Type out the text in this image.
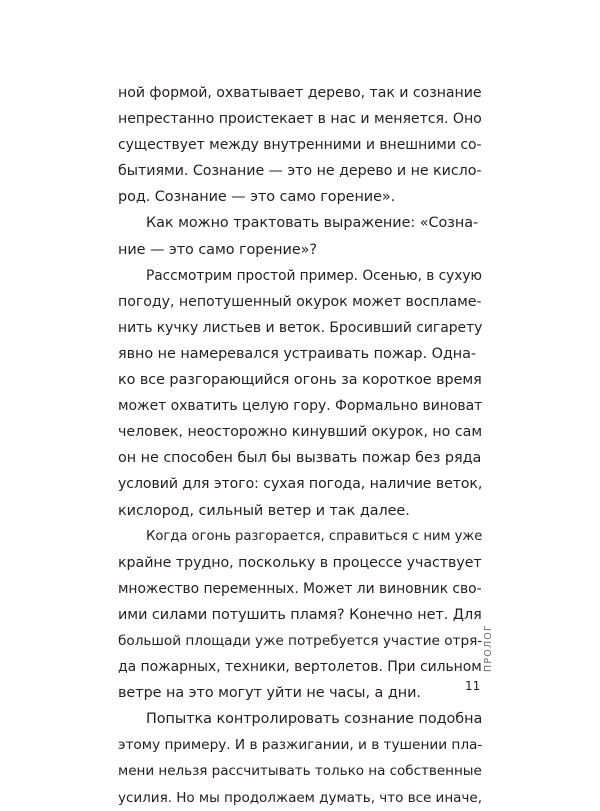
ной формой, охватывает дерево, так и сознание
непрестанно проистекает в нас и меняется. Оно
существует между внутренними и внешними со-
бытиями. Сознание — это не дерево и не кисло-
род. Сознание — это само горение».
Как можно трактовать выражение: «Созна-
ние — это само горение»?
Рассмотрим простой пример. Осенью, в сухую
погоду, непотушенный окурок может воспламе-
нить кучку листьев и веток. Бросивший сигарету
явно не намеревался устраивать пожар. Одна-
ко все разгорающийся огонь за короткое время
может охватить целую гору. Формально виноват
человек, неосторожно кинувший окурок, но сам
он не способен был бы вызвать пожар без ряда
условий для этого: сухая погода, наличие веток,
кислород, сильный ветер и так далее.
Когда огонь разгорается, справиться с ним уже
крайне трудно, поскольку в процессе участвует
множество переменных. Может ли виновник сво-
ими силами потушить пламя? Конечно нет. Для
большой площади уже потребуется участие отря-
да пожарных, техники, вертолетов. При сильном
ветре на это могут уйти не часы, а дни.
Попытка контролировать сознание подобна
этому примеру. И в разжигании, и в тушении пла-
мени нельзя рассчитывать только на собственные
усилия. Но мы продолжаем думать, что все иначе,
ПРОЛОГ
11
